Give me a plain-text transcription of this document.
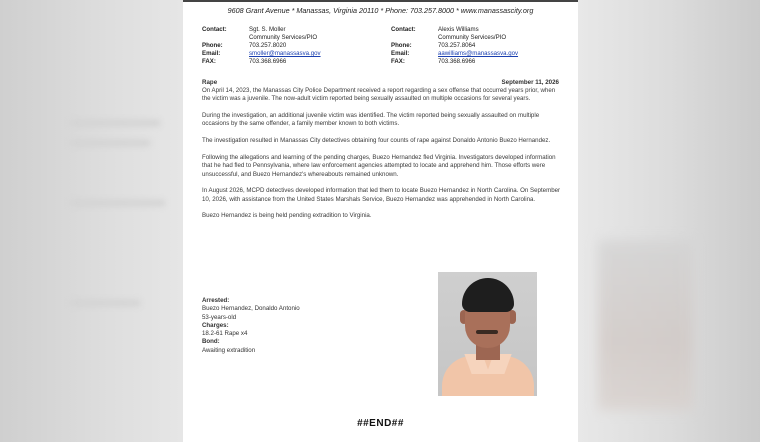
9608 Grant Avenue * Manassas, Virginia 20110 * Phone: 703.257.8000 * www.manassascity.org
Contact:	Sgt. S. Moller
Community Services/PIO
Phone:	703.257.8020
Email:	smoller@manassasva.gov
FAX:	703.368.6966
Contact:	Alexis Williams
Community Services/PIO
Phone:	703.257.8064
Email:	aawilliams@manassasva.gov
FAX:	703.368.6966
Rape	September 11, 2026

On April 14, 2023, the Manassas City Police Department received a report regarding a sex offense that occurred years prior, when the victim was a juvenile. The now-adult victim reported being sexually assaulted on multiple occasions for several years.

During the investigation, an additional juvenile victim was identified. The victim reported being sexually assaulted on multiple occasions by the same offender, a family member known to both victims.

The investigation resulted in Manassas City detectives obtaining four counts of rape against Donaldo Antonio Buezo Hernandez.

Following the allegations and learning of the pending charges, Buezo Hernandez fled Virginia. Investigators developed information that he had fled to Pennsylvania, where law enforcement agencies attempted to locate and apprehend him. Those efforts were unsuccessful, and Buezo Hernandez's whereabouts remained unknown.

In August 2026, MCPD detectives developed information that led them to locate Buezo Hernandez in North Carolina. On September 10, 2026, with assistance from the United States Marshals Service, Buezo Hernandez was apprehended in North Carolina.

Buezo Hernandez is being held pending extradition to Virginia.

Arrested:
Buezo Hernandez, Donaldo Antonio
53-years-old
Charges:
18.2-61 Rape x4
Bond:
Awaiting extradition
##END##
